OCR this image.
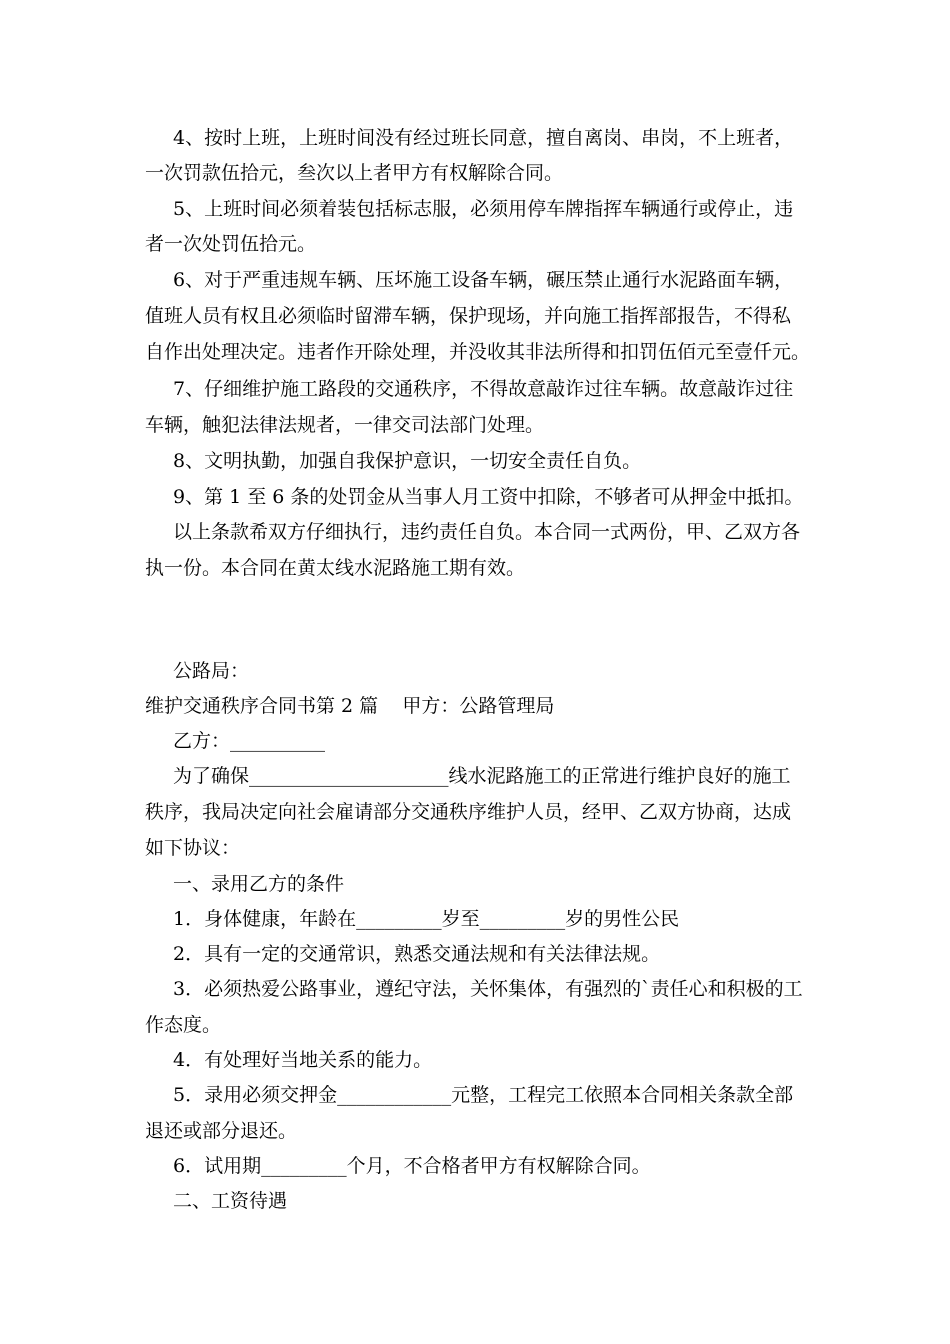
4、按时上班，上班时间没有经过班长同意，擅自离岗、串岗，不上班者，
一次罚款伍拾元，叁次以上者甲方有权解除合同。
5、上班时间必须着装包括标志服，必须用停车牌指挥车辆通行或停止，违
者一次处罚伍拾元。
6、对于严重违规车辆、压坏施工设备车辆，碾压禁止通行水泥路面车辆，
值班人员有权且必须临时留滞车辆，保护现场，并向施工指挥部报告，不得私
自作出处理决定。违者作开除处理，并没收其非法所得和扣罚伍佰元至壹仟元。
7、仔细维护施工路段的交通秩序，不得故意敲诈过往车辆。故意敲诈过往
车辆，触犯法律法规者，一律交司法部门处理。
8、文明执勤，加强自我保护意识，一切安全责任自负。
9、第 1 至 6 条的处罚金从当事人月工资中扣除，不够者可从押金中抵扣。
以上条款希双方仔细执行，违约责任自负。本合同一式两份，甲、乙双方各
执一份。本合同在黄太线水泥路施工期有效。
公路局：
维护交通秩序合同书第 2 篇    甲方：公路管理局
乙方：__________
为了确保_____________________线水泥路施工的正常进行维护良好的施工
秩序，我局决定向社会雇请部分交通秩序维护人员，经甲、乙双方协商，达成
如下协议：
一、录用乙方的条件
1．身体健康，年龄在_________岁至_________岁的男性公民
2．具有一定的交通常识，熟悉交通法规和有关法律法规。
3．必须热爱公路事业，遵纪守法，关怀集体，有强烈的`责任心和积极的工
作态度。
4．有处理好当地关系的能力。
5．录用必须交押金____________元整，工程完工依照本合同相关条款全部
退还或部分退还。
6．试用期_________个月，不合格者甲方有权解除合同。
二、工资待遇
